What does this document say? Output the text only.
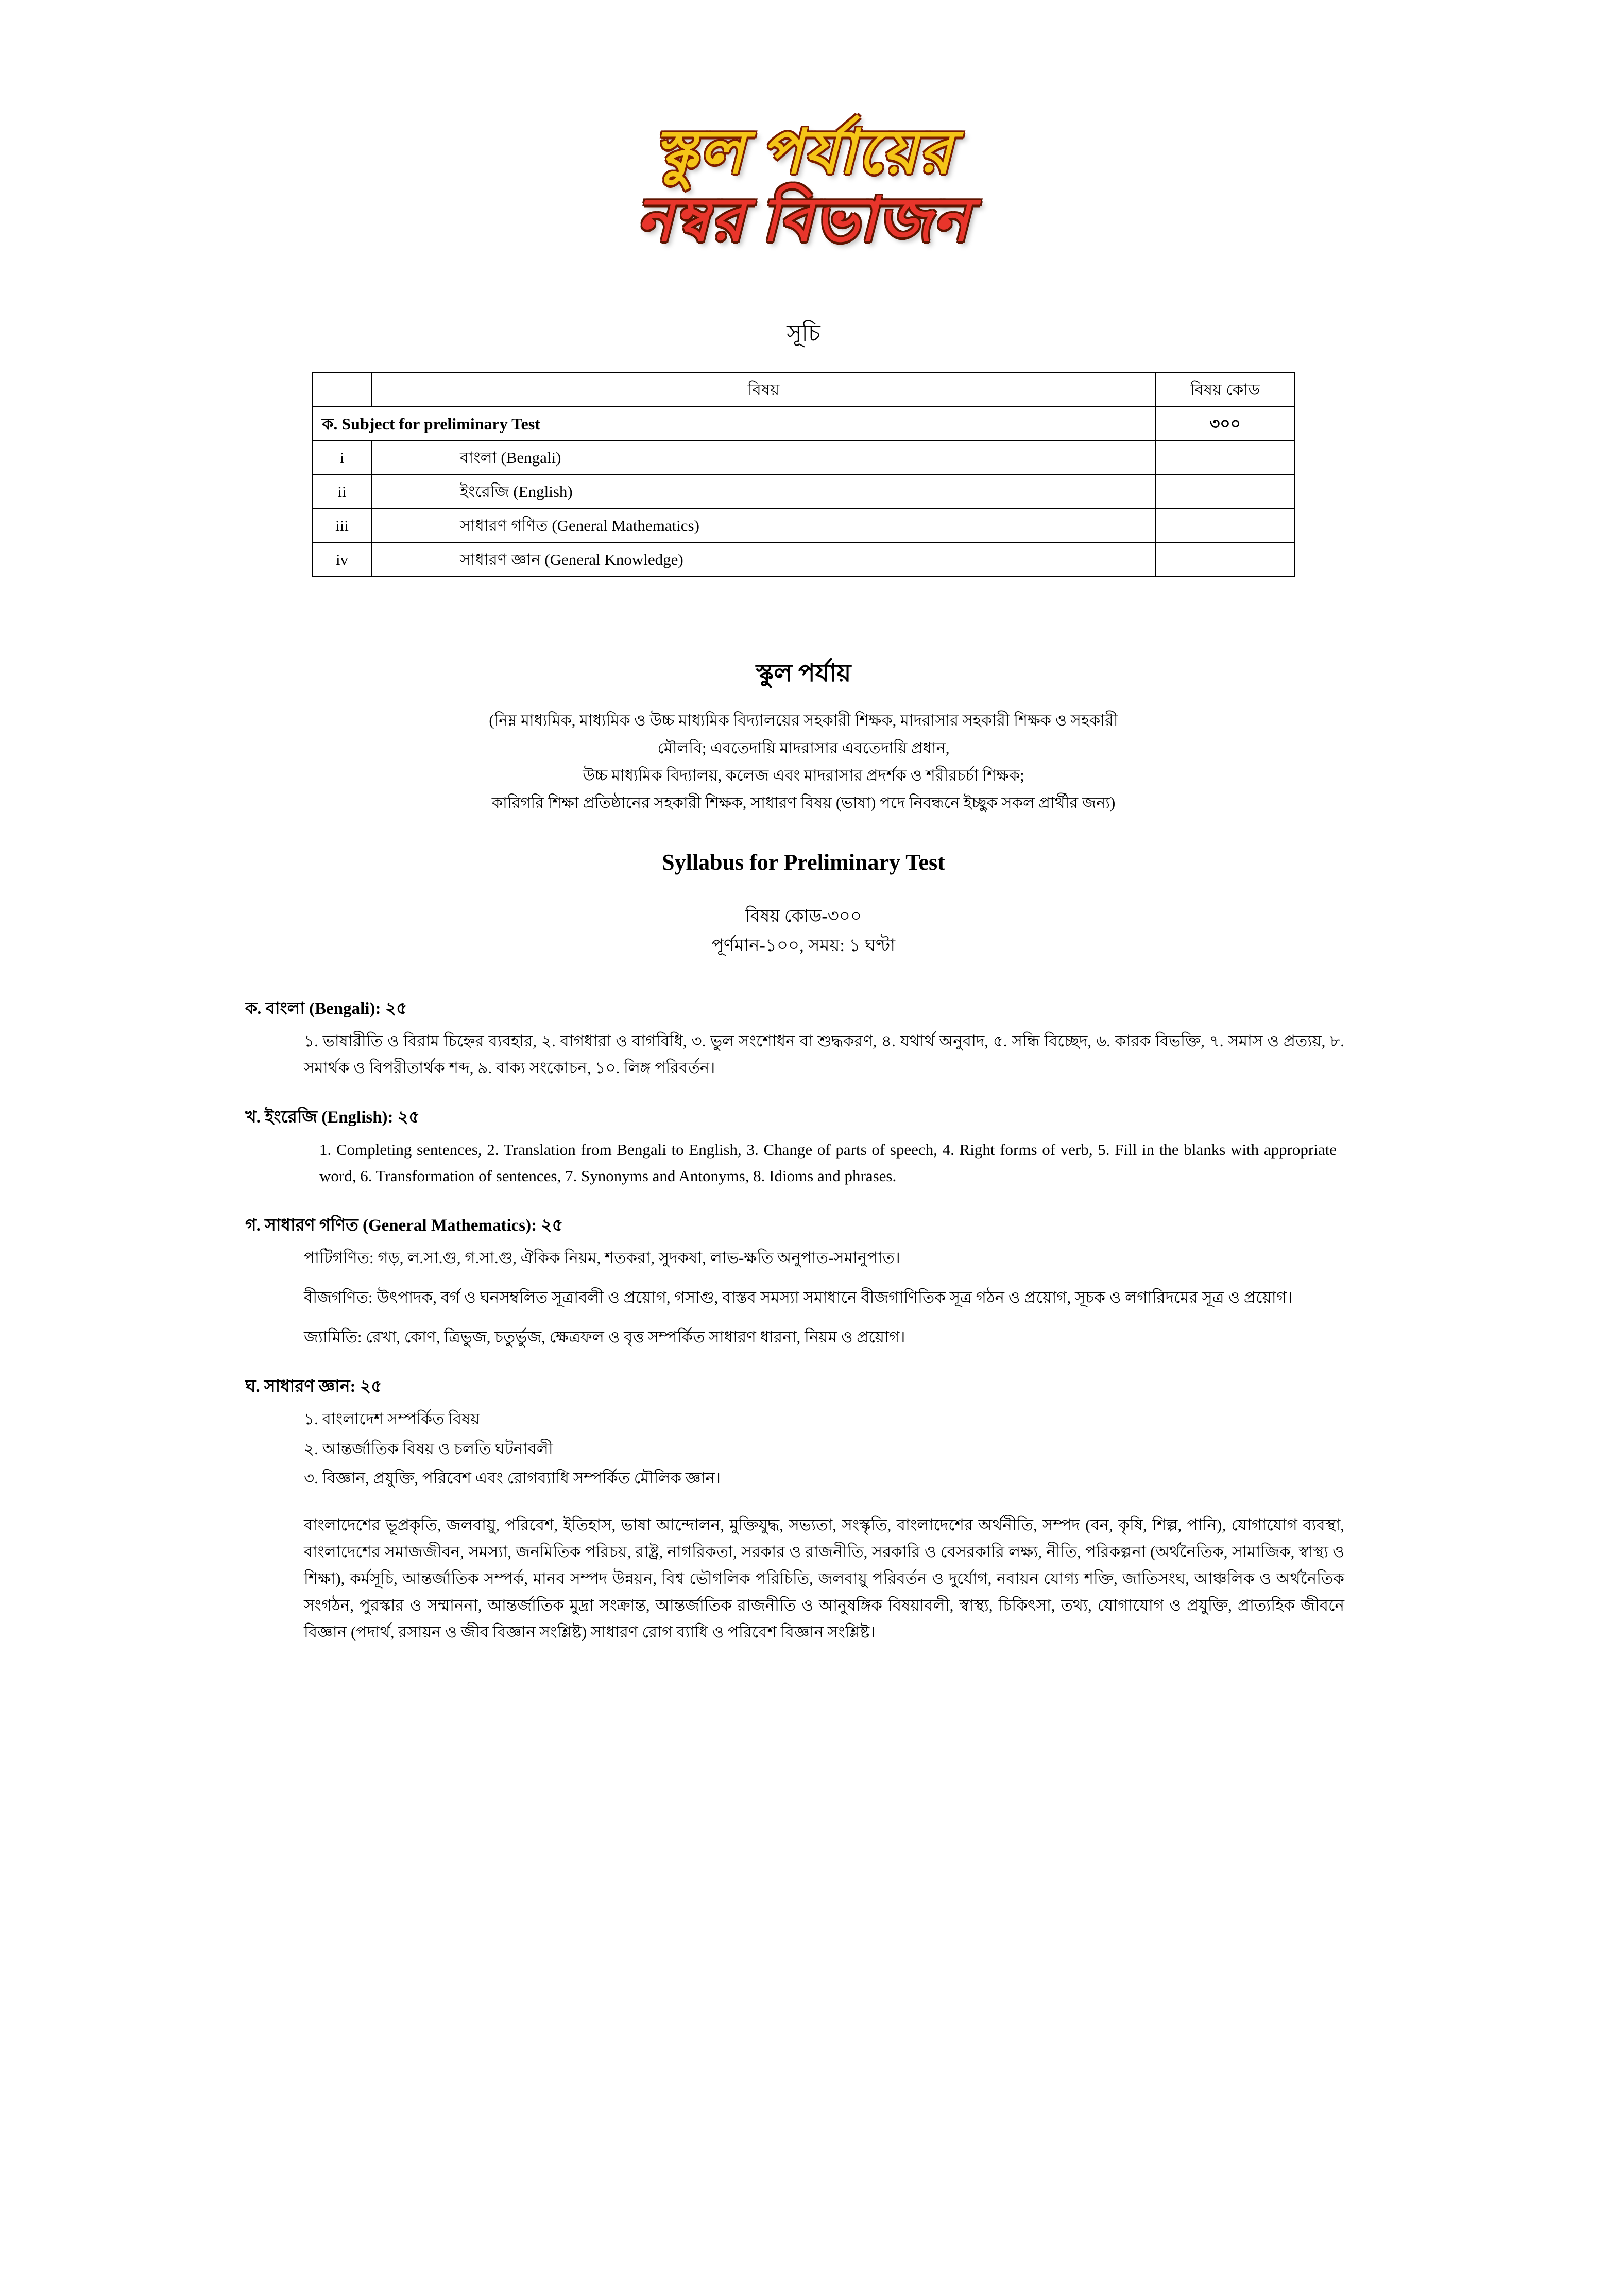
স্কুল পর্যায়ের
নম্বর বিভাজন
সূচি
	বিষয়	বিষয় কোড
ক. Subject for preliminary Test		৩০০
i	বাংলা (Bengali)	
ii	ইংরেজি (English)	
iii	সাধারণ গণিত (General Mathematics)	
iv	সাধারণ জ্ঞান (General Knowledge)	
স্কুল পর্যায়
(নিম্ন মাধ্যমিক, মাধ্যমিক ও উচ্চ মাধ্যমিক বিদ্যালয়ের সহকারী শিক্ষক, মাদরাসার সহকারী শিক্ষক ও সহকারী
মৌলবি; এবতেদায়ি মাদরাসার এবতেদায়ি প্রধান,
উচ্চ মাধ্যমিক বিদ্যালয়, কলেজ এবং মাদরাসার প্রদর্শক ও শরীরচর্চা শিক্ষক;
কারিগরি শিক্ষা প্রতিষ্ঠানের সহকারী শিক্ষক, সাধারণ বিষয় (ভাষা) পদে নিবন্ধনে ইচ্ছুক সকল প্রার্থীর জন্য)
Syllabus for Preliminary Test
বিষয় কোড-৩০০
পূর্ণমান-১০০, সময়: ১ ঘণ্টা
ক. বাংলা (Bengali): ২৫
১. ভাষারীতি ও বিরাম চিহ্নের ব্যবহার, ২. বাগধারা ও বাগবিধি, ৩. ভুল সংশোধন বা শুদ্ধকরণ, ৪. যথার্থ অনুবাদ, ৫. সন্ধি বিচ্ছেদ, ৬. কারক বিভক্তি, ৭. সমাস ও প্রত্যয়, ৮. সমার্থক ও বিপরীতার্থক শব্দ, ৯. বাক্য সংকোচন, ১০. লিঙ্গ পরিবর্তন।
খ. ইংরেজি (English): ২৫
1. Completing sentences, 2. Translation from Bengali to English, 3. Change of parts of speech, 4. Right forms of verb, 5. Fill in the blanks with appropriate word, 6. Transformation of sentences, 7. Synonyms and Antonyms, 8. Idioms and phrases.
গ. সাধারণ গণিত (General Mathematics): ২৫
পাটিগণিত: গড়, ল.সা.গু, গ.সা.গু, ঐকিক নিয়ম, শতকরা, সুদকষা, লাভ-ক্ষতি অনুপাত-সমানুপাত।
বীজগণিত: উৎপাদক, বর্গ ও ঘনসম্বলিত সূত্রাবলী ও প্রয়োগ, গসাগু, বাস্তব সমস্যা সমাধানে বীজগাণিতিক সূত্র গঠন ও প্রয়োগ, সূচক ও লগারিদমের সূত্র ও প্রয়োগ।
জ্যামিতি: রেখা, কোণ, ত্রিভুজ, চতুর্ভুজ, ক্ষেত্রফল ও বৃত্ত সম্পর্কিত সাধারণ ধারনা, নিয়ম ও প্রয়োগ।
ঘ. সাধারণ জ্ঞান: ২৫
১. বাংলাদেশ সম্পর্কিত বিষয়
২. আন্তর্জাতিক বিষয় ও চলতি ঘটনাবলী
৩. বিজ্ঞান, প্রযুক্তি, পরিবেশ এবং রোগব্যাধি সম্পর্কিত মৌলিক জ্ঞান।
বাংলাদেশের ভূপ্রকৃতি, জলবায়ু, পরিবেশ, ইতিহাস, ভাষা আন্দোলন, মুক্তিযুদ্ধ, সভ্যতা, সংস্কৃতি, বাংলাদেশের অর্থনীতি, সম্পদ (বন, কৃষি, শিল্প, পানি), যোগাযোগ ব্যবস্থা, বাংলাদেশের সমাজজীবন, সমস্যা, জনমিতিক পরিচয়, রাষ্ট্র, নাগরিকতা, সরকার ও রাজনীতি, সরকারি ও বেসরকারি লক্ষ্য, নীতি, পরিকল্পনা (অর্থনৈতিক, সামাজিক, স্বাস্থ্য ও শিক্ষা), কর্মসূচি, আন্তর্জাতিক সম্পর্ক, মানব সম্পদ উন্নয়ন, বিশ্ব ভৌগলিক পরিচিতি, জলবায়ু পরিবর্তন ও দুর্যোগ, নবায়ন যোগ্য শক্তি, জাতিসংঘ, আঞ্চলিক ও অর্থনৈতিক সংগঠন, পুরস্কার ও সম্মাননা, আন্তর্জাতিক মুদ্রা সংক্রান্ত, আন্তর্জাতিক রাজনীতি ও আনুষঙ্গিক বিষয়াবলী, স্বাস্থ্য, চিকিৎসা, তথ্য, যোগাযোগ ও প্রযুক্তি, প্রাত্যহিক জীবনে বিজ্ঞান (পদার্থ, রসায়ন ও জীব বিজ্ঞান সংশ্লিষ্ট) সাধারণ রোগ ব্যাধি ও পরিবেশ বিজ্ঞান সংশ্লিষ্ট।
